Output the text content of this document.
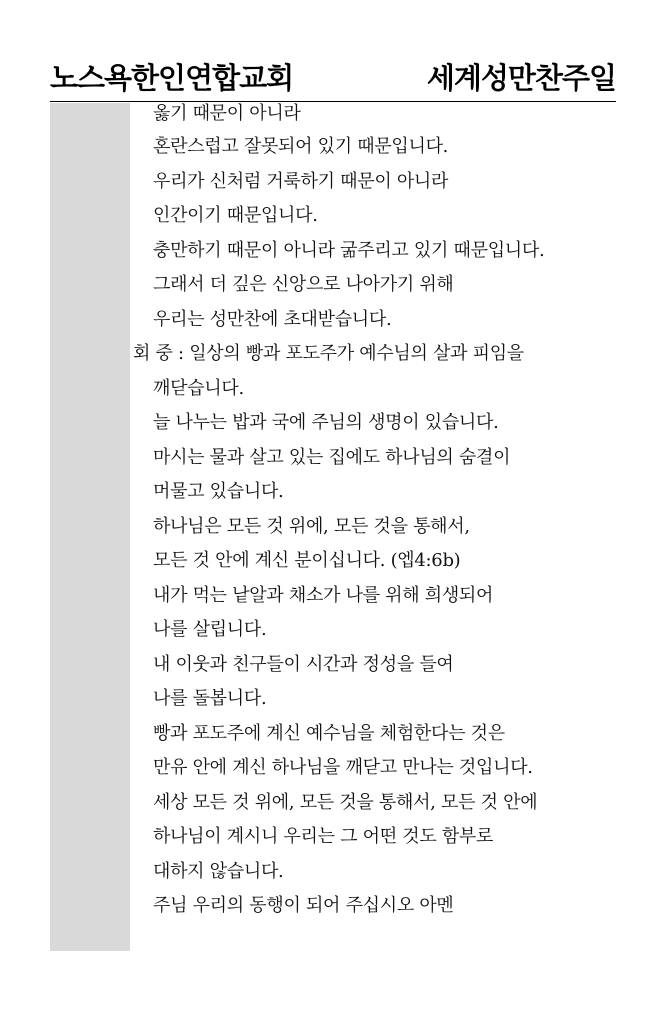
노스욕한인연합교회	세계성만찬주일
옳기 때문이 아니라
혼란스럽고 잘못되어 있기 때문입니다.
우리가 신처럼 거룩하기 때문이 아니라
인간이기 때문입니다.
충만하기 때문이 아니라 굶주리고 있기 때문입니다.
그래서 더 깊은 신앙으로 나아가기 위해
우리는 성만찬에 초대받습니다.
회 중 : 일상의 빵과 포도주가 예수님의 살과 피임을
깨닫습니다.
늘 나누는 밥과 국에 주님의 생명이 있습니다.
마시는 물과 살고 있는 집에도 하나님의 숨결이
머물고 있습니다.
하나님은 모든 것 위에, 모든 것을 통해서,
모든 것 안에 계신 분이십니다. (엡4:6b)
내가 먹는 낱알과 채소가 나를 위해 희생되어
나를 살립니다.
내 이웃과 친구들이 시간과 정성을 들여
나를 돌봅니다.
빵과 포도주에 계신 예수님을 체험한다는 것은
만유 안에 계신 하나님을 깨닫고 만나는 것입니다.
세상 모든 것 위에, 모든 것을 통해서, 모든 것 안에
하나님이 계시니 우리는 그 어떤 것도 함부로
대하지 않습니다.
주님 우리의 동행이 되어 주십시오 아멘
